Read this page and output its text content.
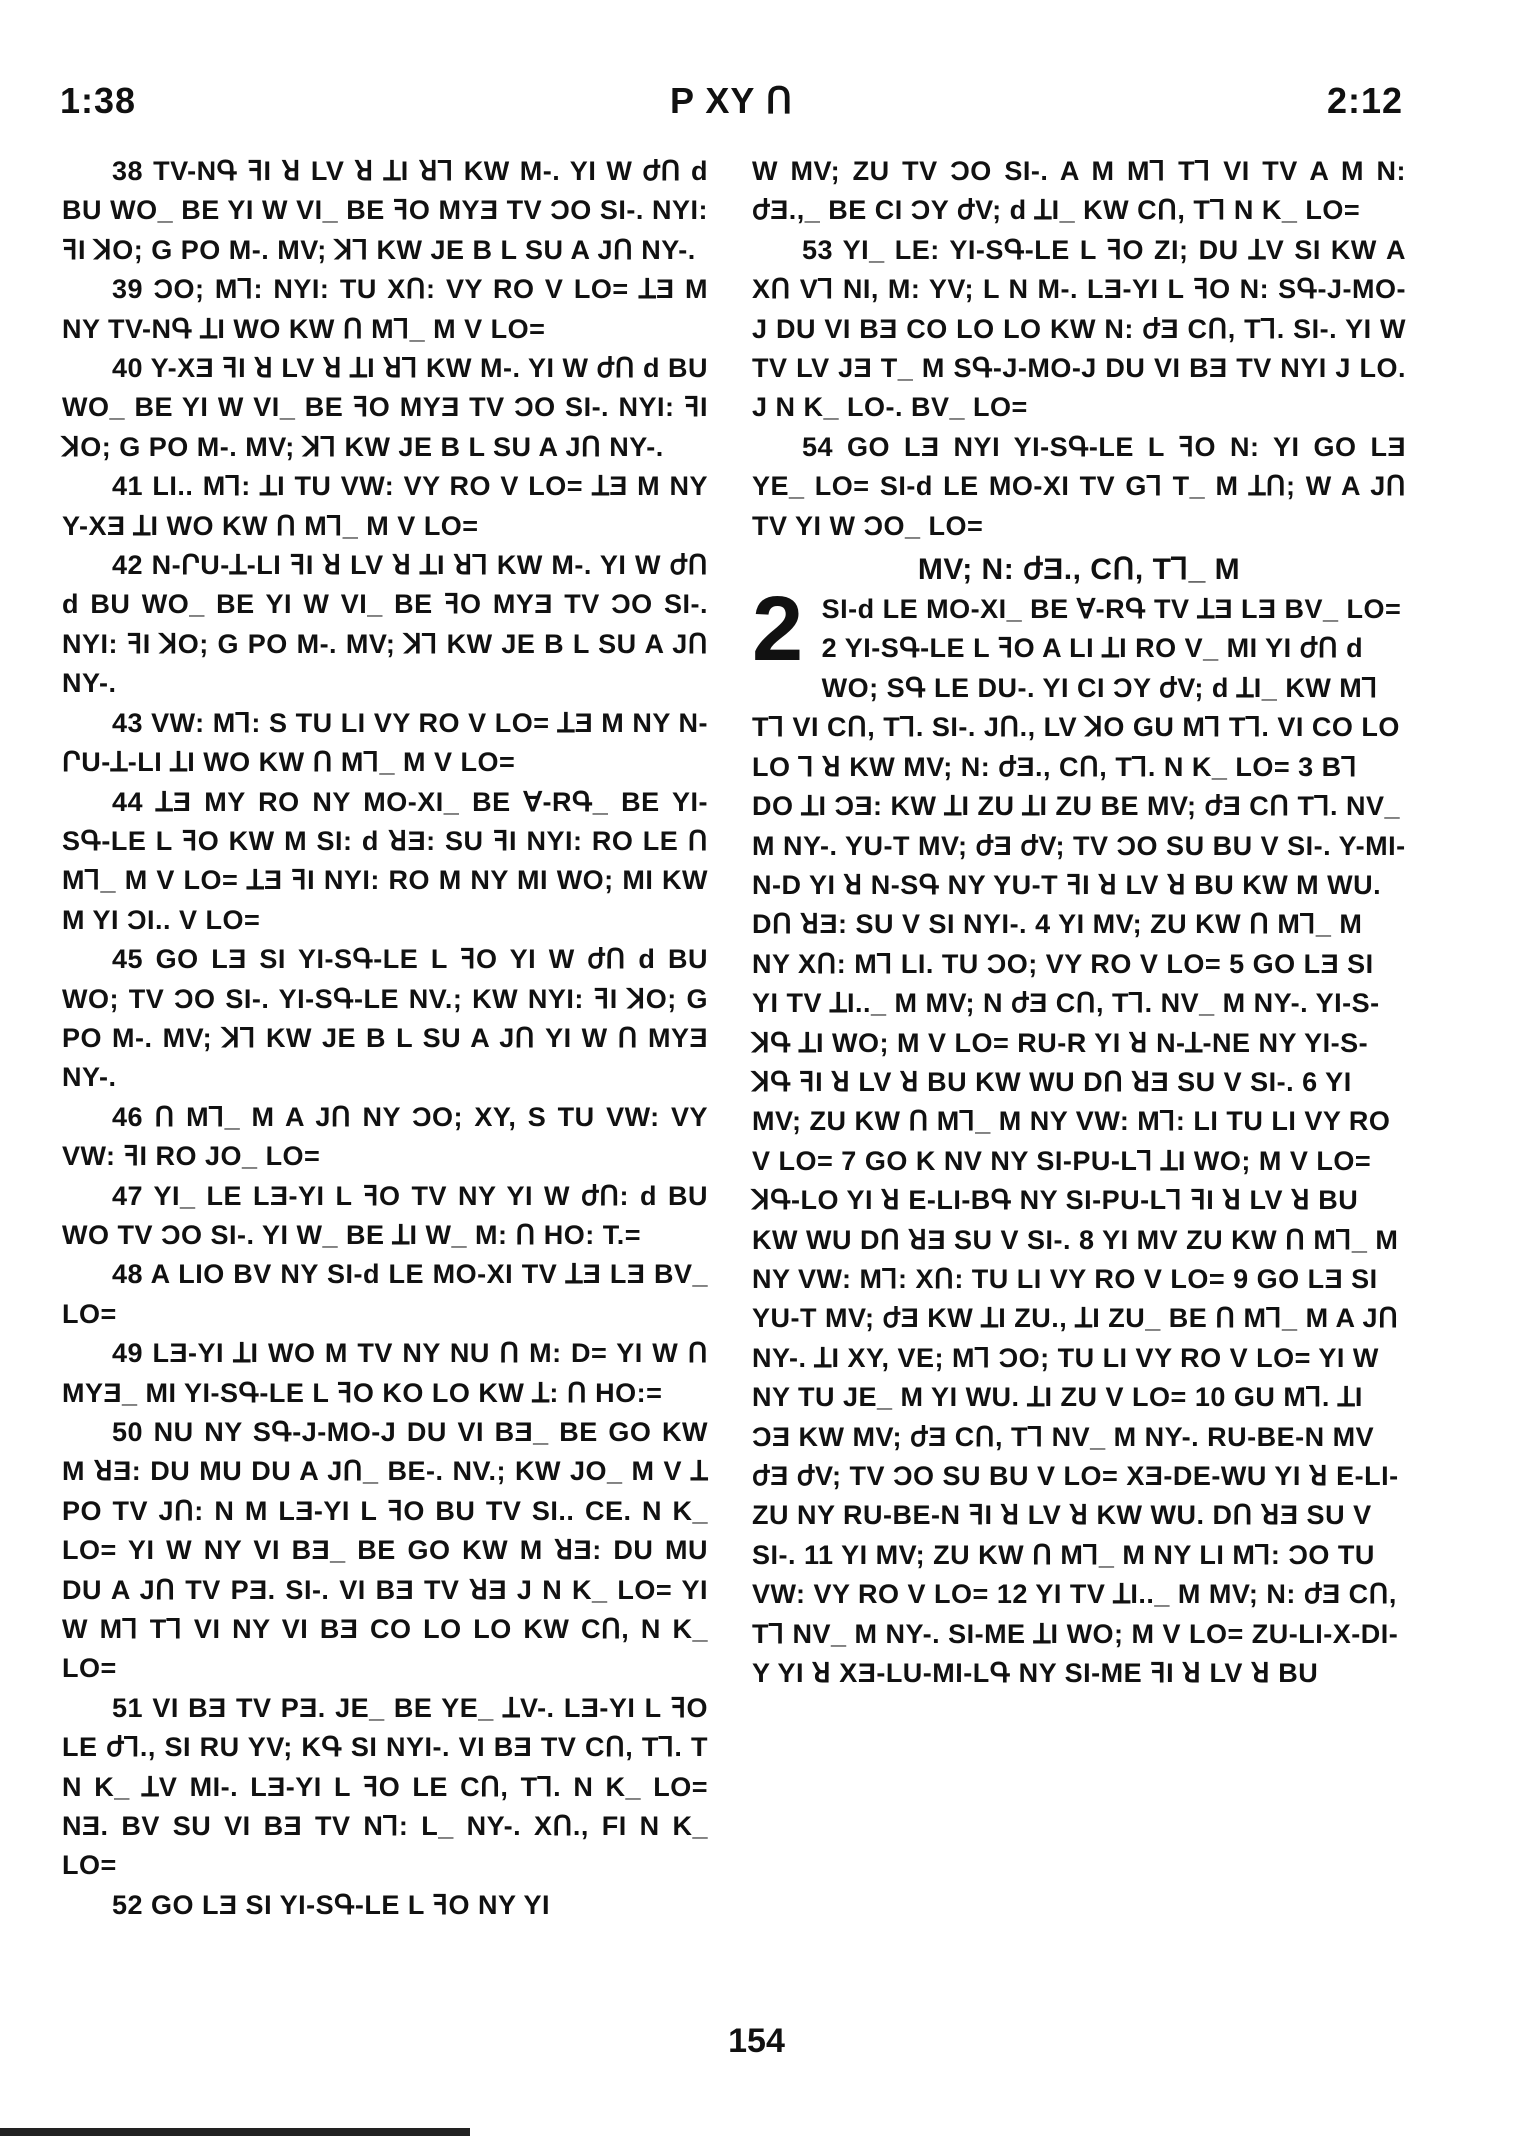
1:38	P XY Ո	2:12

38 TV-NԳ ꟻI ꓤ LV ꓤ ꓕI ꓤꓶ KW M-. YI W ժՈ d BU WO_ BE YI W VI_ BE ꟻO MYƎ TV ƆO SI-. NYI: ꟻI ꓘO; G PO M-. MV; ꓘꓶ KW JE B L SU A JՈ NY-.

39 ƆO; Mꓶ: NYI: TU XՈ: VY RO V LO= ꓕƎ M NY TV-NԳ ꓕI WO KW Ո Mꓶ_ M V LO=

40 Y-XƎ ꟻI ꓤ LV ꓤ ꓕI ꓤꓶ KW M-. YI W ժՈ d BU WO_ BE YI W VI_ BE ꟻO MYƎ TV ƆO SI-. NYI: ꟻI ꓘO; G PO M-. MV; ꓘꓶ KW JE B L SU A JՈ NY-.

41 LI.. Mꓶ: ꓕI TU VW: VY RO V LO= ꓕƎ M NY Y-XƎ ꓕI WO KW Ո Mꓶ_ M V LO=

42 N-ՐU-ꓕ-LI ꟻI ꓤ LV ꓤ ꓕI ꓤꓶ KW M-. YI W ժՈ d BU WO_ BE YI W VI_ BE ꟻO MYƎ TV ƆO SI-. NYI: ꟻI ꓘO; G PO M-. MV; ꓘꓶ KW JE B L SU A JՈ NY-.

43 VW: Mꓶ: S TU LI VY RO V LO= ꓕƎ M NY N-ՐU-ꓕ-LI ꓕI WO KW Ո Mꓶ_ M V LO=

44 ꓕƎ MY RO NY MO-XI_ BE Ɐ-RԳ_ BE YI-SԳ-LE L ꟻO KW M SI: d ꓤƎ: SU ꟻI NYI: RO LE Ո Mꓶ_ M V LO= ꓕƎ ꟻI NYI: RO M NY MI WO; MI KW M YI ƆI.. V LO=

45 GO LƎ SI YI-SԳ-LE L ꟻO YI W ժՈ d BU WO; TV ƆO SI-. YI-SԳ-LE NV.; KW NYI: ꟻI ꓘO; G PO M-. MV; ꓘꓶ KW JE B L SU A JՈ YI W Ո MYƎ NY-.

46 Ո Mꓶ_ M A JՈ NY ƆO; XY, S TU VW: VY VW: ꟻI RO JO_ LO=

47 YI_ LE LƎ-YI L ꟻO TV NY YI W ժՈ: d BU WO TV ƆO SI-. YI W_ BE ꓕI W_ M: Ո HO: T.=

48 A LIO BV NY SI-d LE MO-XI TV ꓕƎ LƎ BV_ LO=

49 LƎ-YI ꓕI WO M TV NY NU Ո M: D= YI W Ո MYƎ_ MI YI-SԳ-LE L ꟻO KO LO KW ꓕ: Ո HO:=

50 NU NY SԳ-J-MO-J DU VI BƎ_ BE GO KW M ꓤƎ: DU MU DU A JՈ_ BE-. NV.; KW JO_ M V ꓕ PO TV JՈ: N M LƎ-YI L ꟻO BU TV SI.. CE. N K_ LO= YI W NY VI BƎ_ BE GO KW M ꓤƎ: DU MU DU A JՈ TV PƎ. SI-. VI BƎ TV ꓤƎ J N K_ LO= YI W Mꓶ Tꓶ VI NY VI BƎ CO LO LO KW CՈ, N K_ LO=

51 VI BƎ TV PƎ. JE_ BE YE_ ꓕV-. LƎ-YI L ꟻO LE ժꓶ., SI RU YV; KԳ SI NYI-. VI BƎ TV CՈ, Tꓶ. T N K_ ꓕV MI-. LƎ-YI L ꟻO LE CՈ, Tꓶ. N K_ LO= NƎ. BV SU VI BƎ TV Nꓶ: L_ NY-. XՈ., FI N K_ LO=

52 GO LƎ SI YI-SԳ-LE L ꟻO NY YI

W MV; ZU TV ƆO SI-. A M Mꓶ Tꓶ VI TV A M N: ժƎ.,_ BE CI ƆY ժV; d ꓕI_ KW CՈ, Tꓶ N K_ LO=

53 YI_ LE: YI-SԳ-LE L ꟻO ZI; DU ꓕV SI KW A XՈ Vꓶ NI, M: YV; L N M-. LƎ-YI L ꟻO N: SԳ-J-MO-J DU VI BƎ CO LO LO KW N: ժƎ CՈ, Tꓶ. SI-. YI W TV LV JƎ T_ M SԳ-J-MO-J DU VI BƎ TV NYI J LO. J N K_ LO-. BV_ LO=

54 GO LƎ NYI YI-SԳ-LE L ꟻO N: YI GO LƎ YE_ LO= SI-d LE MO-XI TV Gꓶ T_ M ꓕՈ; W A JՈ TV YI W ƆO_ LO=

MV; N: ժƎ., CՈ, Tꓶ_ M
2 SI-d LE MO-XI_ BE Ɐ-RԳ TV ꓕƎ LƎ BV_ LO= 2 YI-SԳ-LE L ꟻO A LI ꓕI RO V_ MI YI ժՈ d WO; SԳ LE DU-. YI CI ƆY ժV; d ꓕI_ KW Mꓶ Tꓶ VI CՈ, Tꓶ. SI-. JՈ., LV ꓘO GU Mꓶ Tꓶ. VI CO LO LO ꓶ ꓤ KW MV; N: ժƎ., CՈ, Tꓶ. N K_ LO= 3 Bꓶ DO ꓕI ƆƎ: KW ꓕI ZU ꓕI ZU BE MV; ժƎ CՈ Tꓶ. NV_ M NY-. YU-T MV; ժƎ ժV; TV ƆO SU BU V SI-. Y-MI-N-D YI ꓤ N-SԳ NY YU-T ꟻI ꓤ LV ꓤ BU KW M WU. DՈ ꓤƎ: SU V SI NYI-. 4 YI MV; ZU KW Ո Mꓶ_ M NY XՈ: Mꓶ LI. TU ƆO; VY RO V LO= 5 GO LƎ SI YI TV ꓕI.._ M MV; N ժƎ CՈ, Tꓶ. NV_ M NY-. YI-S-ꓘԳ ꓕI WO; M V LO= RU-R YI ꓤ N-ꓕ-NE NY YI-S-ꓘԳ ꟻI ꓤ LV ꓤ BU KW WU DՈ ꓤƎ SU V SI-. 6 YI MV; ZU KW Ո Mꓶ_ M NY VW: Mꓶ: LI TU LI VY RO V LO= 7 GO K NV NY SI-PU-Lꓶ ꓕI WO; M V LO= ꓘԳ-LO YI ꓤ E-LI-BԳ NY SI-PU-Lꓶ ꟻI ꓤ LV ꓤ BU KW WU DՈ ꓤƎ SU V SI-. 8 YI MV ZU KW Ո Mꓶ_ M NY VW: Mꓶ: XՈ: TU LI VY RO V LO= 9 GO LƎ SI YU-T MV; ժƎ KW ꓕI ZU., ꓕI ZU_ BE Ո Mꓶ_ M A JՈ NY-. ꓕI XY, VE; Mꓶ ƆO; TU LI VY RO V LO= YI W NY TU JE_ M YI WU. ꓕI ZU V LO= 10 GU Mꓶ. ꓕI ƆƎ KW MV; ժƎ CՈ, Tꓶ NV_ M NY-. RU-BE-N MV ժƎ ժV; TV ƆO SU BU V LO= XƎ-DE-WU YI ꓤ E-LI-ZU NY RU-BE-N ꟻI ꓤ LV ꓤ KW WU. DՈ ꓤƎ SU V SI-. 11 YI MV; ZU KW Ո Mꓶ_ M NY LI Mꓶ: ƆO TU VW: VY RO V LO= 12 YI TV ꓕI.._ M MV; N: ժƎ CՈ, Tꓶ NV_ M NY-. SI-ME ꓕI WO; M V LO= ZU-LI-X-DI-Y YI ꓤ XƎ-LU-MI-LԳ NY SI-ME ꟻI ꓤ LV ꓤ BU
154
